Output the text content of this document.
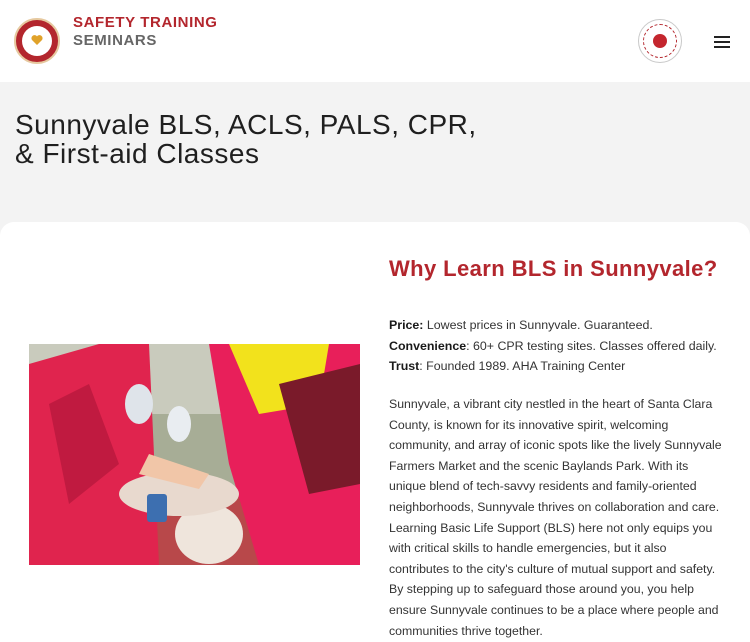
SAFETY TRAINING
SEMINARS
Sunnyvale BLS, ACLS, PALS, CPR,
& First-aid Classes
Why Learn BLS in Sunnyvale?
Price: Lowest prices in Sunnyvale. Guaranteed.
Convenience: 60+ CPR testing sites. Classes offered daily.
Trust: Founded 1989. AHA Training Center

Sunnyvale, a vibrant city nestled in the heart of Santa Clara County, is known for its innovative spirit, welcoming community, and array of iconic spots like the lively Sunnyvale Farmers Market and the scenic Baylands Park. With its unique blend of tech-savvy residents and family-oriented neighborhoods, Sunnyvale thrives on collaboration and care. Learning Basic Life Support (BLS) here not only equips you with critical skills to handle emergencies, but it also contributes to the city's culture of mutual support and safety. By stepping up to safeguard those around you, you help ensure Sunnyvale continues to be a place where people and communities thrive together.
